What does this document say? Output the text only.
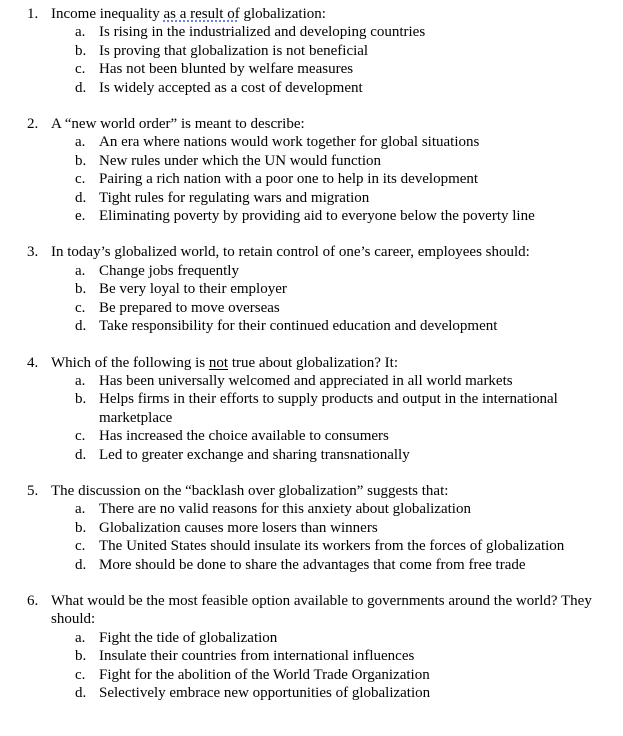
1. Income inequality as a result of globalization:
a. Is rising in the industrialized and developing countries
b. Is proving that globalization is not beneficial
c. Has not been blunted by welfare measures
d. Is widely accepted as a cost of development
2. A “new world order” is meant to describe:
a. An era where nations would work together for global situations
b. New rules under which the UN would function
c. Pairing a rich nation with a poor one to help in its development
d. Tight rules for regulating wars and migration
e. Eliminating poverty by providing aid to everyone below the poverty line
3. In today’s globalized world, to retain control of one’s career, employees should:
a. Change jobs frequently
b. Be very loyal to their employer
c. Be prepared to move overseas
d. Take responsibility for their continued education and development
4. Which of the following is not true about globalization? It:
a. Has been universally welcomed and appreciated in all world markets
b. Helps firms in their efforts to supply products and output in the international marketplace
c. Has increased the choice available to consumers
d. Led to greater exchange and sharing transnationally
5. The discussion on the “backlash over globalization” suggests that:
a. There are no valid reasons for this anxiety about globalization
b. Globalization causes more losers than winners
c. The United States should insulate its workers from the forces of globalization
d. More should be done to share the advantages that come from free trade
6. What would be the most feasible option available to governments around the world? They should:
a. Fight the tide of globalization
b. Insulate their countries from international influences
c. Fight for the abolition of the World Trade Organization
d. Selectively embrace new opportunities of globalization
